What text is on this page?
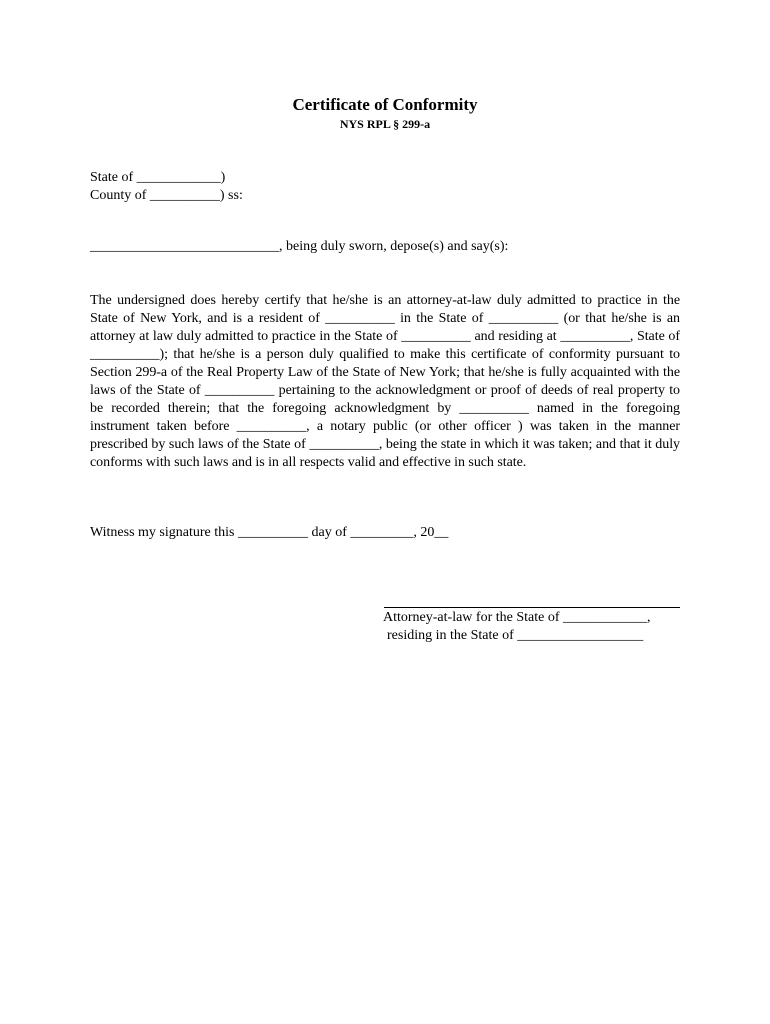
Certificate of Conformity
NYS RPL § 299-a
State of ____________)
County of __________) ss:
___________________________, being duly sworn, depose(s) and say(s):
The undersigned does hereby certify that he/she is an attorney-at-law duly admitted to practice in the State of New York, and is a resident of __________ in the State of __________ (or that he/she is an attorney at law duly admitted to practice in the State of __________ and residing at __________, State of __________); that he/she is a person duly qualified to make this certificate of conformity pursuant to Section 299-a of the Real Property Law of the State of New York; that he/she is fully acquainted with the laws of the State of __________ pertaining to the acknowledgment or proof of deeds of real property to be recorded therein; that the foregoing acknowledgment by __________ named in the foregoing instrument taken before __________, a notary public (or other officer ) was taken in the manner prescribed by such laws of the State of __________, being the state in which it was taken; and that it duly conforms with such laws and is in all respects valid and effective in such state.
Witness my signature this __________ day of _________, 20__
Attorney-at-law for the State of ____________,
residing in the State of __________________
